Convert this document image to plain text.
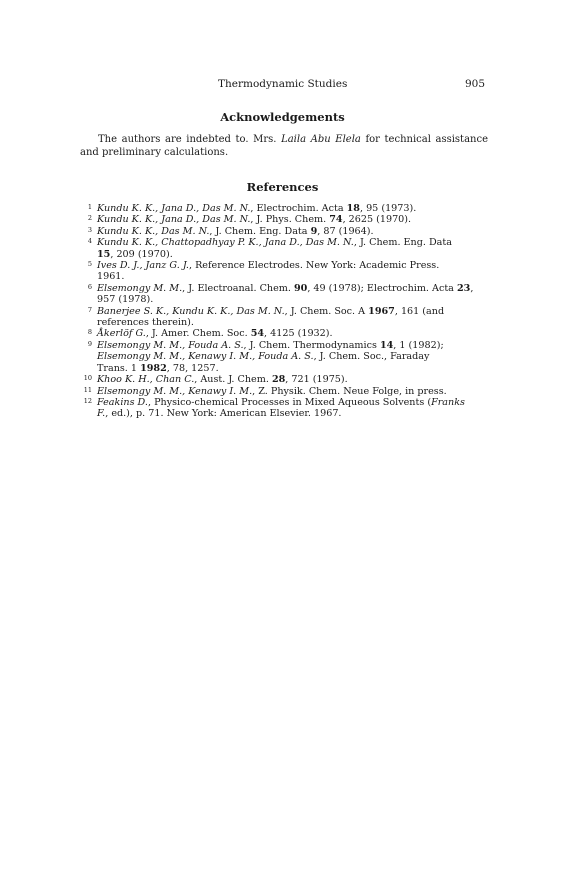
Thermodynamic Studies	905
Acknowledgements

The authors are indebted to. Mrs. Laila Abu Elela for technical assistance and preliminary calculations.

References
1 Kundu K. K., Jana D., Das M. N., Electrochim. Acta 18, 95 (1973).
2 Kundu K. K., Jana D., Das M. N., J. Phys. Chem. 74, 2625 (1970).
3 Kundu K. K., Das M. N., J. Chem. Eng. Data 9, 87 (1964).
4 Kundu K. K., Chattopadhyay P. K., Jana D., Das M. N., J. Chem. Eng. Data
15, 209 (1970).
5 Ives D. J., Janz G. J., Reference Electrodes. New York: Academic Press.
1961.
6 Elsemongy M. M., J. Electroanal. Chem. 90, 49 (1978); Electrochim. Acta 23,
957 (1978).
7 Banerjee S. K., Kundu K. K., Das M. N., J. Chem. Soc. A 1967, 161 (and
references therein).
8 Åkerlöf G., J. Amer. Chem. Soc. 54, 4125 (1932).
9 Elsemongy M. M., Fouda A. S., J. Chem. Thermodynamics 14, 1 (1982);
Elsemongy M. M., Kenawy I. M., Fouda A. S., J. Chem. Soc., Faraday
Trans. 1 1982, 78, 1257.
10 Khoo K. H., Chan C., Aust. J. Chem. 28, 721 (1975).
11 Elsemongy M. M., Kenawy I. M., Z. Physik. Chem. Neue Folge, in press.
12 Feakins D., Physico-chemical Processes in Mixed Aqueous Solvents (Franks
F., ed.), p. 71. New York: American Elsevier. 1967.
